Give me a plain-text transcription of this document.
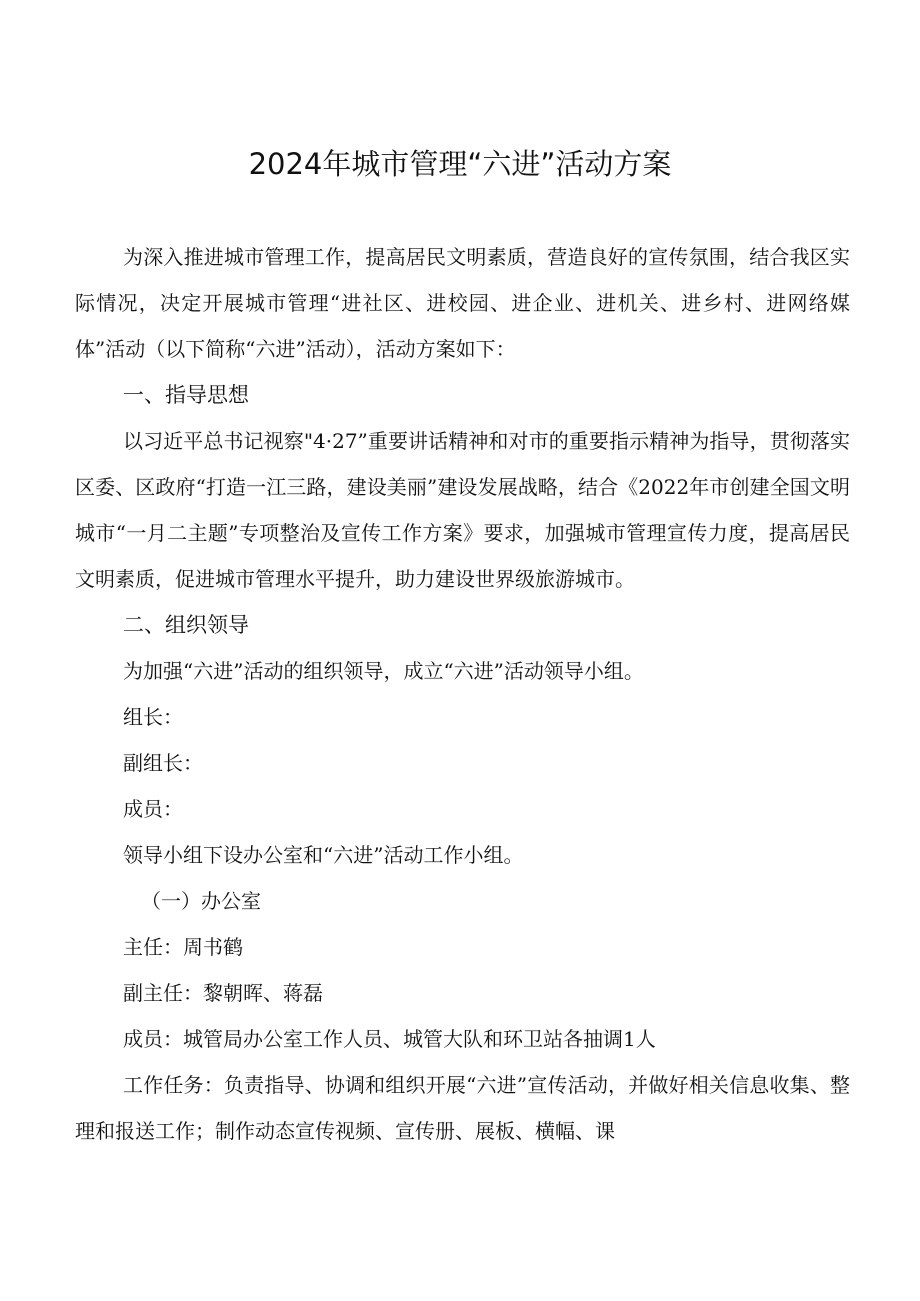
2024年城市管理“六进”活动方案

为深入推进城市管理工作，提高居民文明素质，营造良好的宣传氛围，结合我区实际情况，决定开展城市管理“进社区、进校园、进企业、进机关、进乡村、进网络媒体”活动（以下简称“六进”活动），活动方案如下：

一、指导思想

以习近平总书记视察"4·27”重要讲话精神和对市的重要指示精神为指导，贯彻落实区委、区政府“打造一江三路，建设美丽”建设发展战略，结合《2022年市创建全国文明城市“一月二主题”专项整治及宣传工作方案》要求，加强城市管理宣传力度，提高居民文明素质，促进城市管理水平提升，助力建设世界级旅游城市。

二、组织领导

为加强“六进”活动的组织领导，成立“六进”活动领导小组。

组长：

副组长：

成员：

领导小组下设办公室和“六进”活动工作小组。

（一）办公室

主任：周书鹤

副主任：黎朝晖、蒋磊

成员：城管局办公室工作人员、城管大队和环卫站各抽调1人

工作任务：负责指导、协调和组织开展“六进”宣传活动，并做好相关信息收集、整理和报送工作；制作动态宣传视频、宣传册、展板、横幅、课
